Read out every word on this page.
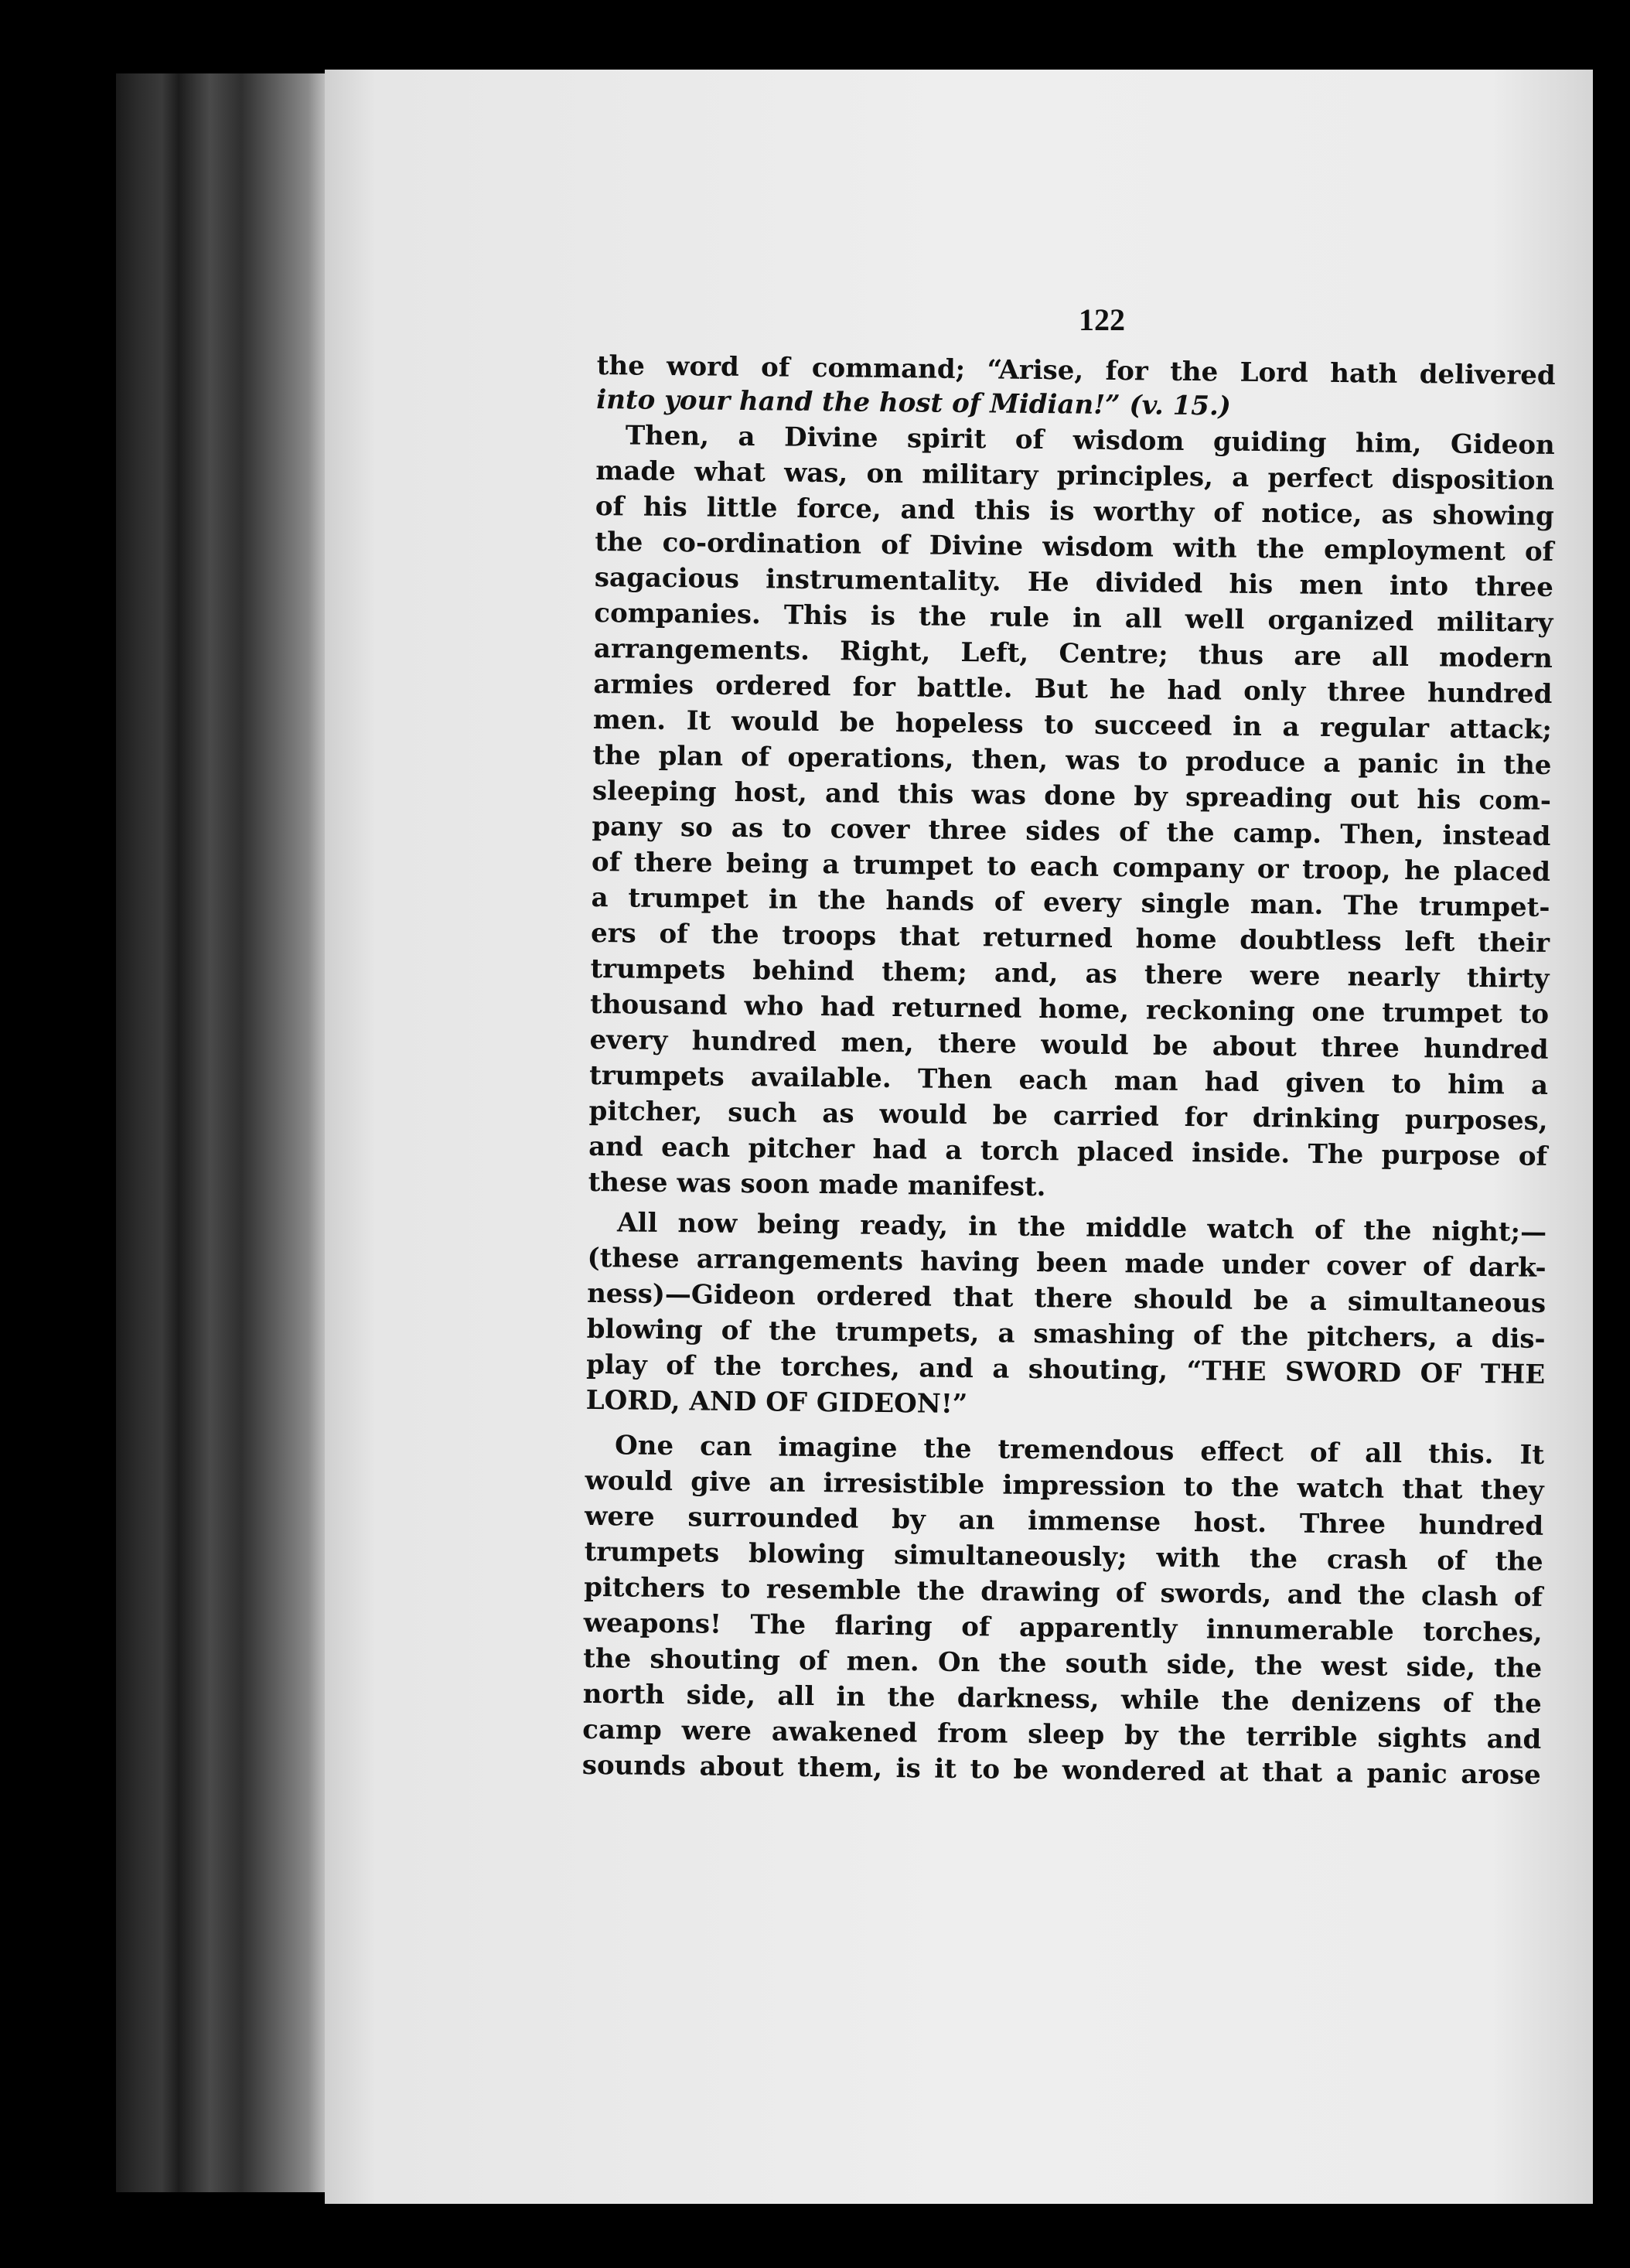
122
the word of command; “Arise, for the Lord hath delivered
into your hand the host of Midian!” (v. 15.)
Then, a Divine spirit of wisdom guiding him, Gideon
made what was, on military principles, a perfect disposition
of his little force, and this is worthy of notice, as showing
the co-ordination of Divine wisdom with the employment of
sagacious instrumentality. He divided his men into three
companies. This is the rule in all well organized military
arrangements. Right, Left, Centre; thus are all modern
armies ordered for battle. But he had only three hundred
men. It would be hopeless to succeed in a regular attack;
the plan of operations, then, was to produce a panic in the
sleeping host, and this was done by spreading out his com-
pany so as to cover three sides of the camp. Then, instead
of there being a trumpet to each company or troop, he placed
a trumpet in the hands of every single man. The trumpet-
ers of the troops that returned home doubtless left their
trumpets behind them; and, as there were nearly thirty
thousand who had returned home, reckoning one trumpet to
every hundred men, there would be about three hundred
trumpets available. Then each man had given to him a
pitcher, such as would be carried for drinking purposes,
and each pitcher had a torch placed inside. The purpose of
these was soon made manifest.
All now being ready, in the middle watch of the night;—
(these arrangements having been made under cover of dark-
ness)—Gideon ordered that there should be a simultaneous
blowing of the trumpets, a smashing of the pitchers, a dis-
play of the torches, and a shouting, “THE SWORD OF THE
LORD, AND OF GIDEON!”
One can imagine the tremendous effect of all this. It
would give an irresistible impression to the watch that they
were surrounded by an immense host. Three hundred
trumpets blowing simultaneously; with the crash of the
pitchers to resemble the drawing of swords, and the clash of
weapons! The flaring of apparently innumerable torches,
the shouting of men. On the south side, the west side, the
north side, all in the darkness, while the denizens of the
camp were awakened from sleep by the terrible sights and
sounds about them, is it to be wondered at that a panic arose
